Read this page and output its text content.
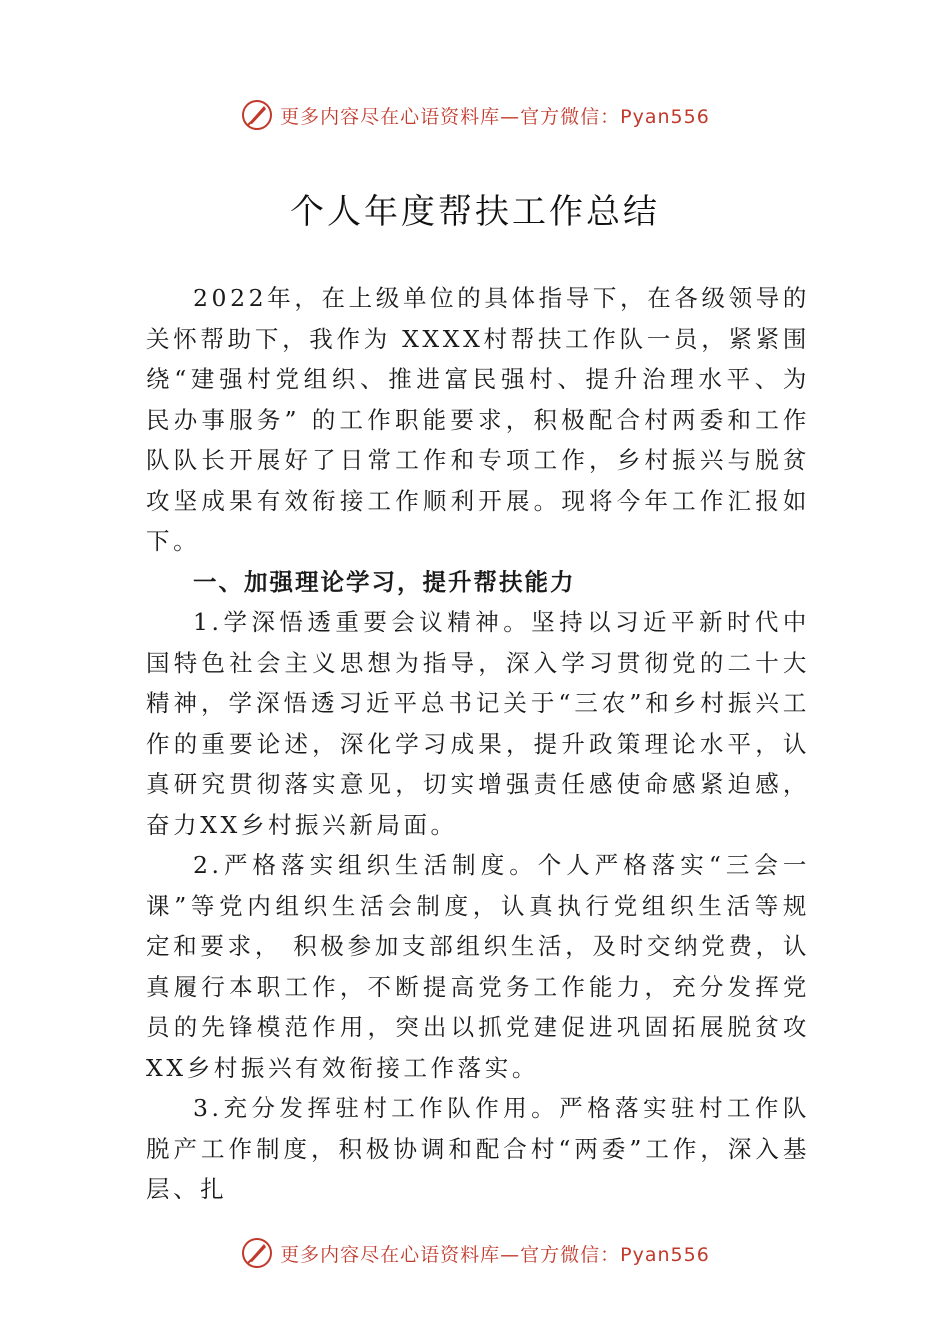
更多内容尽在心语资料库—官方微信：Pyan556
个人年度帮扶工作总结

2022年，在上级单位的具体指导下，在各级领导的关怀帮助下，我作为 XXXX村帮扶工作队一员，紧紧围绕“建强村党组织、推进富民强村、提升治理水平、为民办事服务” 的工作职能要求，积极配合村两委和工作队队长开展好了日常工作和专项工作，乡村振兴与脱贫攻坚成果有效衔接工作顺利开展。现将今年工作汇报如下。

一、加强理论学习，提升帮扶能力

1.学深悟透重要会议精神。坚持以习近平新时代中国特色社会主义思想为指导，深入学习贯彻党的二十大精神，学深悟透习近平总书记关于“三农”和乡村振兴工作的重要论述，深化学习成果，提升政策理论水平，认真研究贯彻落实意见，切实增强责任感使命感紧迫感，奋力XX乡村振兴新局面。

2.严格落实组织生活制度。个人严格落实“三会一课”等党内组织生活会制度，认真执行党组织生活等规定和要求， 积极参加支部组织生活，及时交纳党费，认真履行本职工作，不断提高党务工作能力，充分发挥党员的先锋模范作用，突出以抓党建促进巩固拓展脱贫攻XX乡村振兴有效衔接工作落实。

3.充分发挥驻村工作队作用。严格落实驻村工作队脱产工作制度，积极协调和配合村“两委”工作，深入基层、扎

更多内容尽在心语资料库—官方微信：Pyan556
